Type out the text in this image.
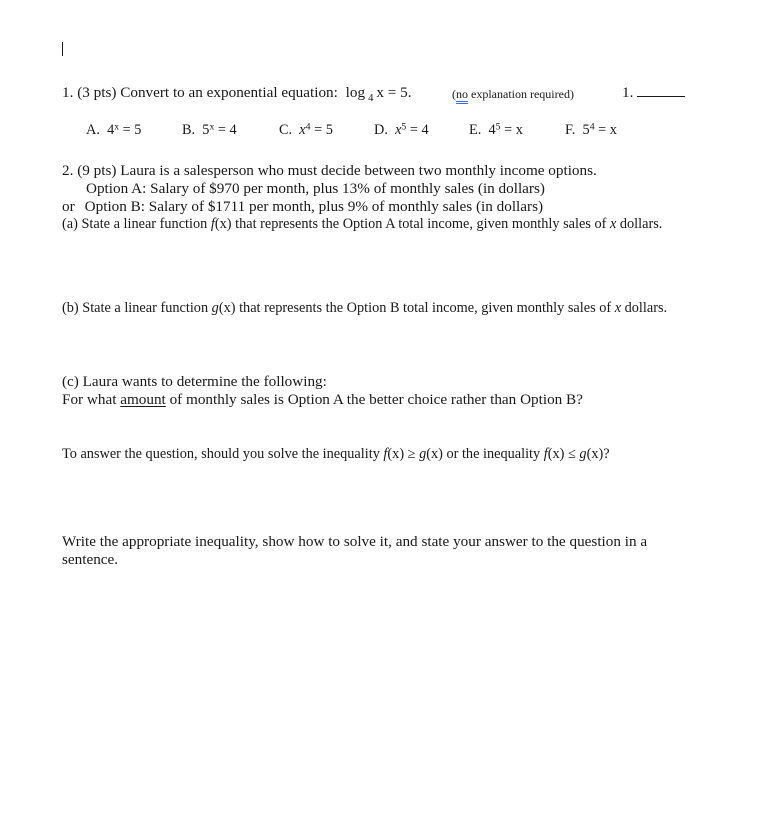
1. (3 pts) Convert to an exponential equation: log $_4$ x = 5.	(no explanation required)	1.
A. $4^x = 5$	B. $5^x = 4$	C. $x^4 = 5$	D. $x^5 = 4$	E. $4^5 = x$	F. $5^4 = x$
2. (9 pts) Laura is a salesperson who must decide between two monthly income options.
Option A: Salary of $970 per month, plus 13% of monthly sales (in dollars)
or Option B: Salary of $1711 per month, plus 9% of monthly sales (in dollars)
(a) State a linear function f(x) that represents the Option A total income, given monthly sales of x dollars.
(b) State a linear function g(x) that represents the Option B total income, given monthly sales of x dollars.
(c) Laura wants to determine the following:
For what amount of monthly sales is Option A the better choice rather than Option B?
To answer the question, should you solve the inequality f(x) ≥ g(x) or the inequality f(x) ≤ g(x)?
Write the appropriate inequality, show how to solve it, and state your answer to the question in a
sentence.
